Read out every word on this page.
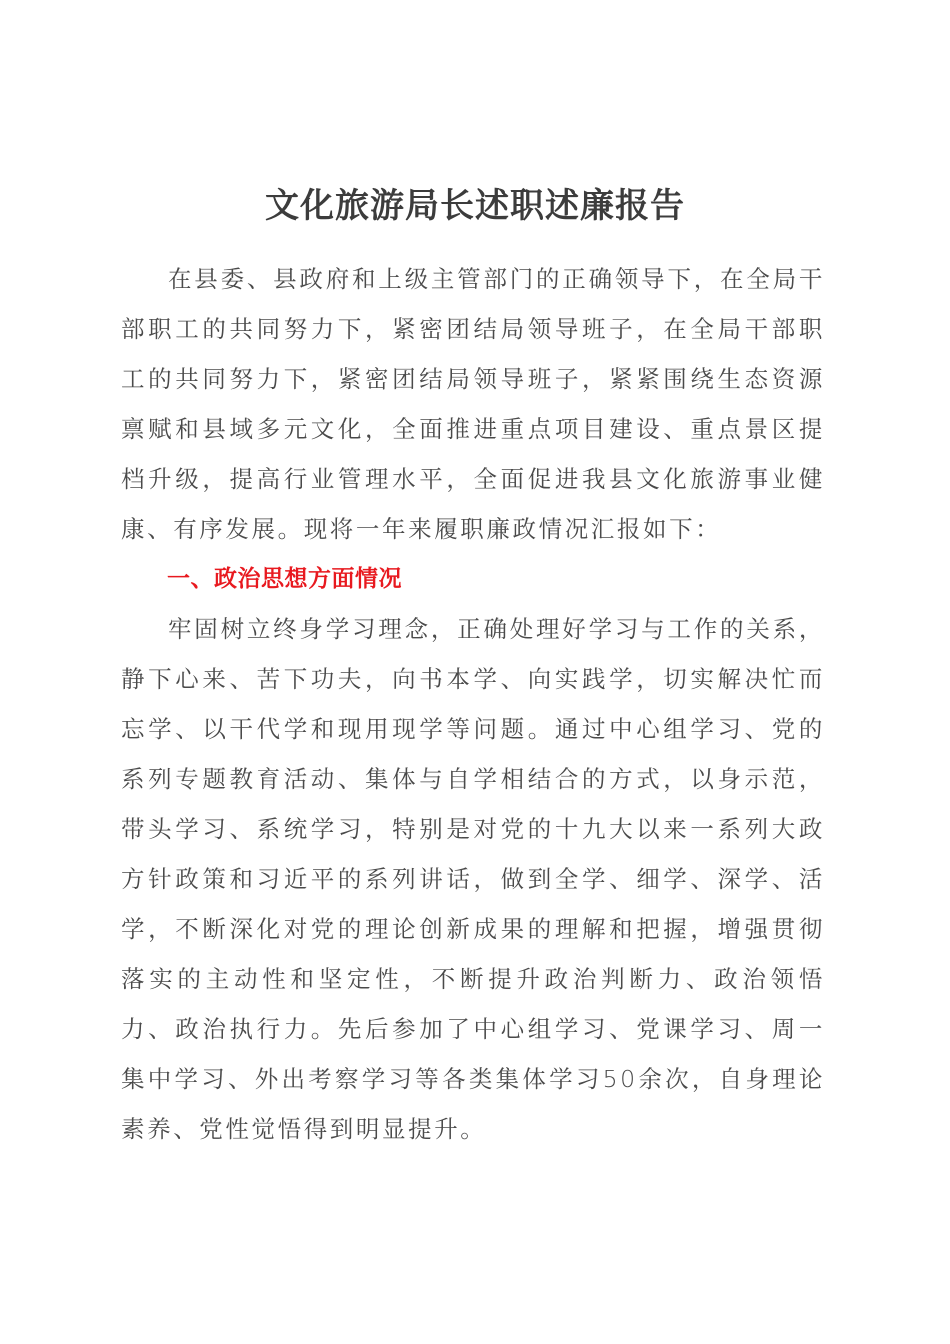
文化旅游局长述职述廉报告

在县委、县政府和上级主管部门的正确领导下，在全局干部职工的共同努力下，紧密团结局领导班子，在全局干部职工的共同努力下，紧密团结局领导班子，紧紧围绕生态资源禀赋和县域多元文化，全面推进重点项目建设、重点景区提档升级，提高行业管理水平，全面促进我县文化旅游事业健康、有序发展。现将一年来履职廉政情况汇报如下：

一、政治思想方面情况

牢固树立终身学习理念，正确处理好学习与工作的关系，静下心来、苦下功夫，向书本学、向实践学，切实解决忙而忘学、以干代学和现用现学等问题。通过中心组学习、党的系列专题教育活动、集体与自学相结合的方式，以身示范，带头学习、系统学习，特别是对党的十九大以来一系列大政方针政策和习近平的系列讲话，做到全学、细学、深学、活学，不断深化对党的理论创新成果的理解和把握，增强贯彻落实的主动性和坚定性，不断提升政治判断力、政治领悟力、政治执行力。先后参加了中心组学习、党课学习、周一集中学习、外出考察学习等各类集体学习50余次，自身理论素养、党性觉悟得到明显提升。
